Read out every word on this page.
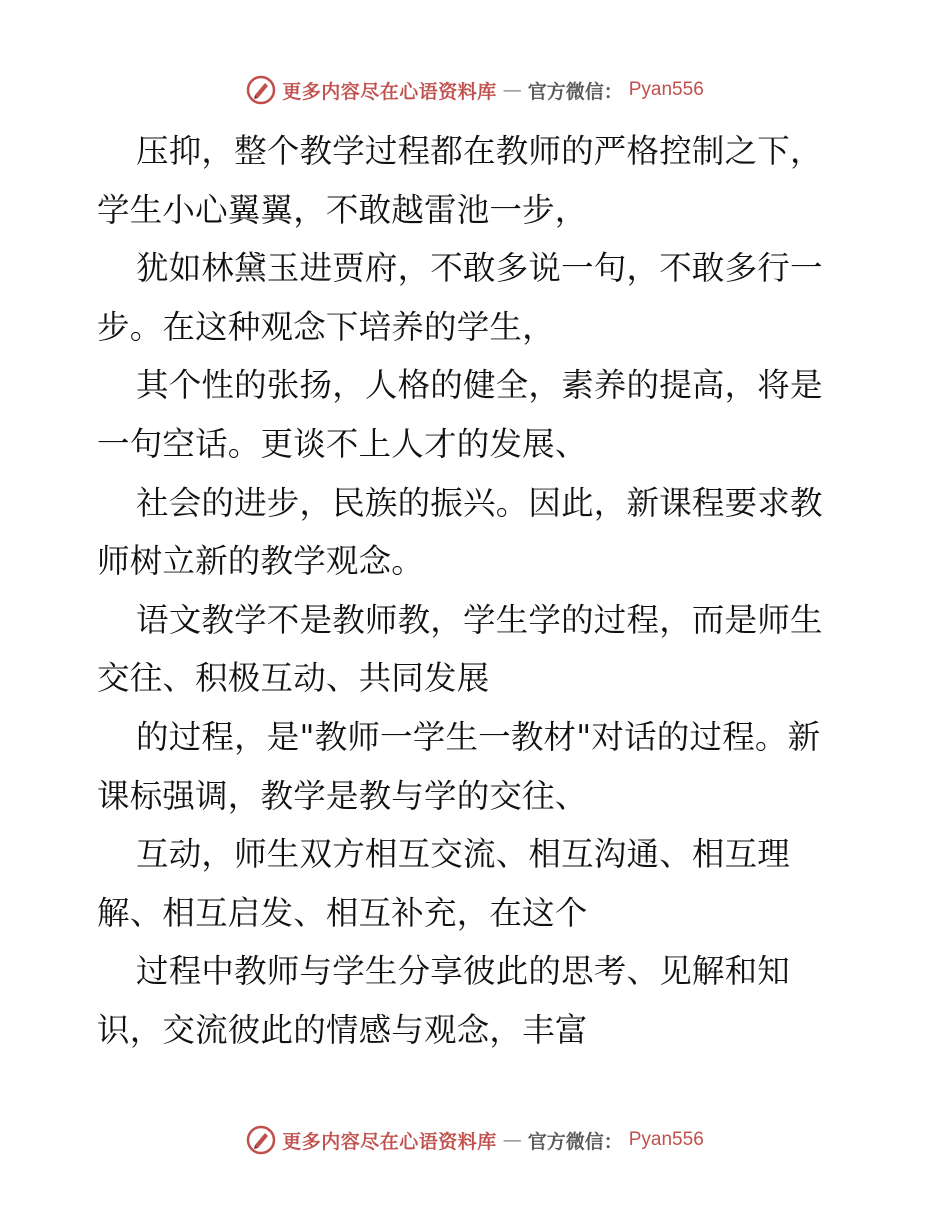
更多内容尽在心语资料库 — 官方微信： Pyan556

压抑，整个教学过程都在教师的严格控制之下，
学生小心翼翼，不敢越雷池一步，

犹如林黛玉进贾府，不敢多说一句，不敢多行一
步。在这种观念下培养的学生，

其个性的张扬，人格的健全，素养的提高，将是
一句空话。更谈不上人才的发展、

社会的进步，民族的振兴。因此，新课程要求教
师树立新的教学观念。

语文教学不是教师教，学生学的过程，而是师生
交往、积极互动、共同发展

的过程，是"教师一学生一教材"对话的过程。新
课标强调，教学是教与学的交往、

互动，师生双方相互交流、相互沟通、相互理
解、相互启发、相互补充，在这个

过程中教师与学生分享彼此的思考、见解和知
识，交流彼此的情感与观念，丰富

更多内容尽在心语资料库 — 官方微信： Pyan556
